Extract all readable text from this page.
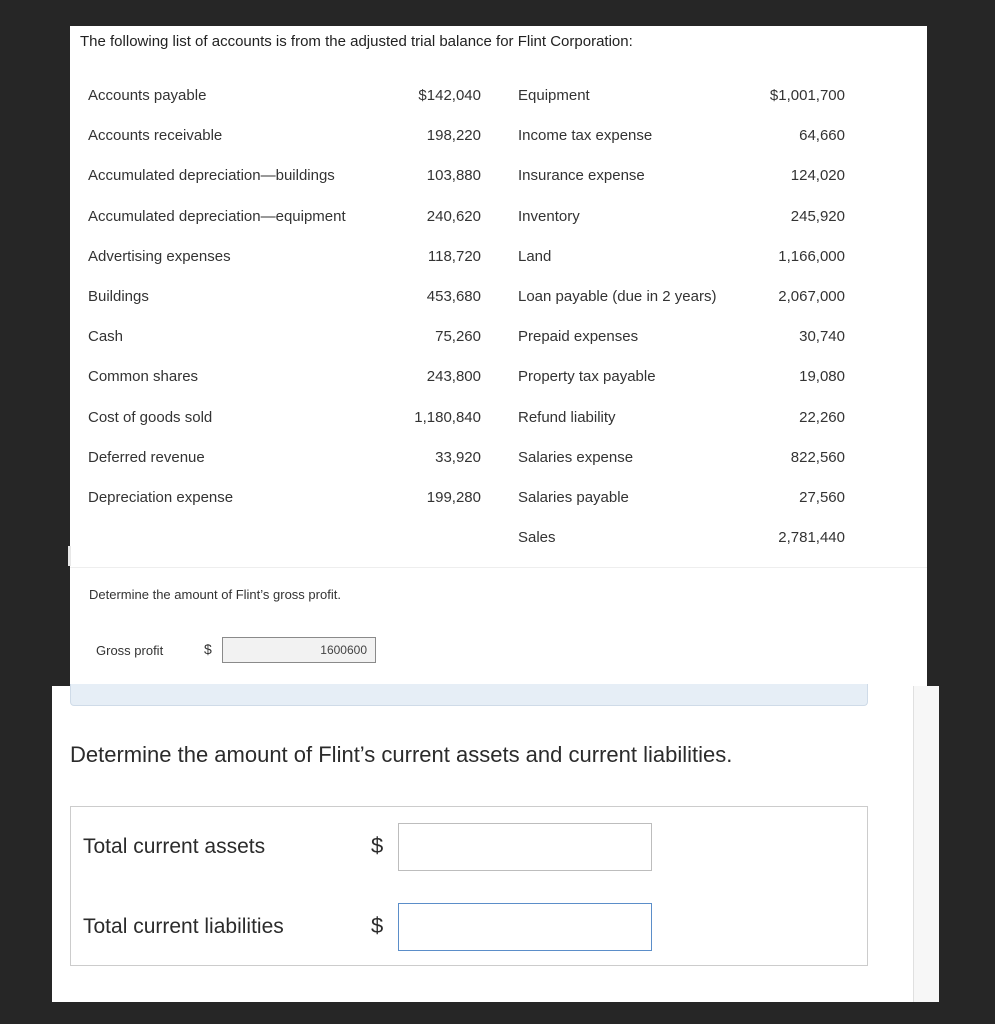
The following list of accounts is from the adjusted trial balance for Flint Corporation:
Accounts payable	$142,040
Accounts receivable	198,220
Accumulated depreciation—buildings	103,880
Accumulated depreciation—equipment	240,620
Advertising expenses	118,720
Buildings	453,680
Cash	75,260
Common shares	243,800
Cost of goods sold	1,180,840
Deferred revenue	33,920
Depreciation expense	199,280
Equipment	$1,001,700
Income tax expense	64,660
Insurance expense	124,020
Inventory	245,920
Land	1,166,000
Loan payable (due in 2 years)	2,067,000
Prepaid expenses	30,740
Property tax payable	19,080
Refund liability	22,260
Salaries expense	822,560
Salaries payable	27,560
Sales	2,781,440
Determine the amount of Flint’s gross profit.
Gross profit	$
1600600
Determine the amount of Flint’s current assets and current liabilities.
Total current assets	$
Total current liabilities	$
